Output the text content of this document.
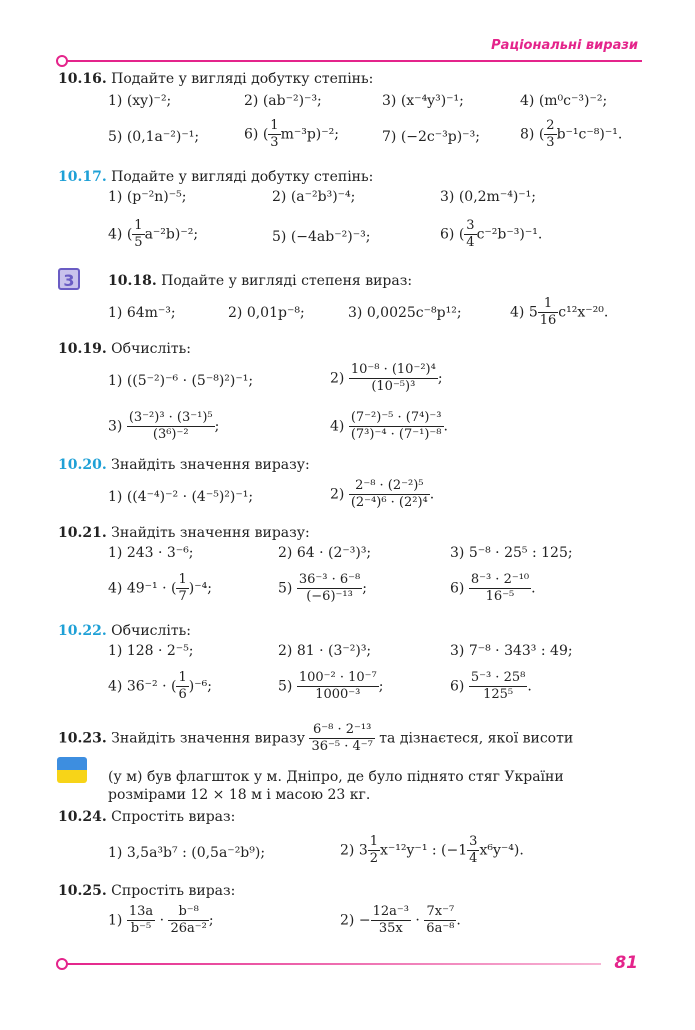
Раціональні вирази
10.16. Подайте у вигляді добутку степінь:
1) (xy)⁻²;	2) (ab⁻²)⁻³;	3) (x⁻⁴y³)⁻¹;	4) (m⁰c⁻³)⁻²;
5) (0,1a⁻²)⁻¹;	6) ( $\frac{1}{3} m^{-3}p)^{-2}$;	7) (−2c⁻³p)⁻³;	8) ( $\frac{2}{3} b^{-1}c^{-8})^{-1}$.
10.17. Подайте у вигляді добутку степінь:
1) (p⁻²n)⁻⁵;	2) (a⁻²b³)⁻⁴;	3) (0,2m⁻⁴)⁻¹;
4) ( $\frac{1}{5} a^{-2}b)^{-2}$;	5) (−4ab⁻²)⁻³;	6) ( $\frac{3}{4} c^{-2}b^{-3})^{-1}$.
3	10.18. Подайте у вигляді степеня вираз:
1) 64m⁻³;	2) 0,01p⁻⁸;	3) 0,0025c⁻⁸p¹²;	4) $5 \frac{1}{16} c^{12}x^{-20}$.
10.19. Обчисліть:
1) ((5⁻²)⁻⁶ · (5⁻⁸)²)⁻¹;	$2) \frac{\text{10⁻⁸ · (10⁻²)⁴}}{\text{(10⁻⁵)³}}$ ;
$3) \frac{\text{(3⁻²)³ · (3⁻¹)⁵}}{\text{(3⁶)⁻²}}$ ;	$4) \frac{\text{(7⁻²)⁻⁵ · (7⁴)⁻³}}{\text{(7³)⁻⁴ · (7⁻¹)⁻⁸}}$ .
10.20. Знайдіть значення виразу:
1) ((4⁻⁴)⁻² · (4⁻⁵)²)⁻¹;	$2) \frac{\text{2⁻⁸ · (2⁻²)⁵}}{\text{(2⁻⁴)⁶ · (2²)⁴}}$ .
10.21. Знайдіть значення виразу:
1) 243 · 3⁻⁶;	2) 64 · (2⁻³)³;	3) 5⁻⁸ · 25⁵ : 125;
4) 49⁻¹ · ( $\frac{1}{7} )^{-4}$;	$5) \frac{\text{36⁻³ · 6⁻⁸}}{\text{(−6)⁻¹³}}$ ;	$6) \frac{\text{8⁻³ · 2⁻¹⁰}}{\text{16⁻⁵}}$ .
10.22. Обчисліть:
1) 128 · 2⁻⁵;	2) 81 · (3⁻²)³;	3) 7⁻⁸ · 343³ : 49;
4) 36⁻² · ( $\frac{1}{6} )^{-6}$;	$5) \frac{\text{100⁻² · 10⁻⁷}}{\text{1000⁻³}}$ ;	$6) \frac{\text{5⁻³ · 25⁸}}{\text{125⁵}}$ .
10.23. Знайдіть значення виразу $\frac{\text{6⁻⁸ · 2⁻¹³}}{\text{36⁻⁵ · 4⁻⁷}}$ та дізнаєтеся, якої висоти
(у м) був флагшток у м. Дніпро, де було піднято стяг України
розмірами 12 × 18 м і масою 23 кг.
10.24. Спростіть вираз:
1) 3,5a³b⁷ : (0,5a⁻²b⁹);	2) $3 \frac{1}{2} x^{-12}y^{-1}$ : $(-1 \frac{3}{4} x^6y^{-4})$.
10.25. Спростіть вираз:
$1) \frac{13a}{\text{b⁻⁵}} \cdot \frac{\text{b⁻⁸}}{\text{26a⁻²}}$ ;	$2) - \frac{\text{12a⁻³}}{35x} \cdot \frac{\text{7x⁻⁷}}{\text{6a⁻⁸}}$ .
81
